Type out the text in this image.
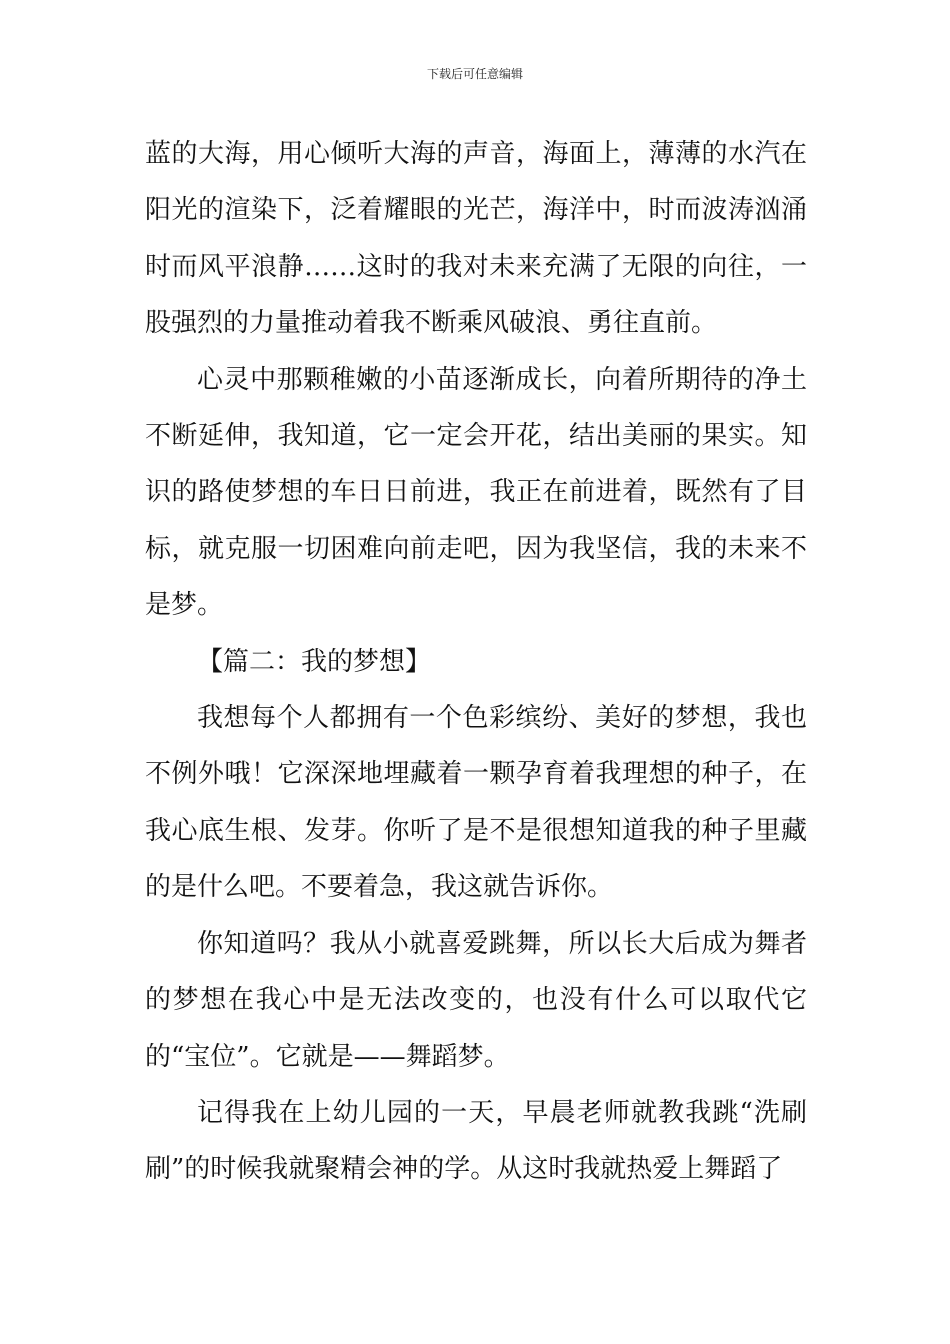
下载后可任意编辑

蓝的大海，用心倾听大海的声音，海面上，薄薄的水汽在阳光的渲染下，泛着耀眼的光芒，海洋中，时而波涛汹涌时而风平浪静……这时的我对未来充满了无限的向往，一股强烈的力量推动着我不断乘风破浪、勇往直前。

心灵中那颗稚嫩的小苗逐渐成长，向着所期待的净土不断延伸，我知道，它一定会开花，结出美丽的果实。知识的路使梦想的车日日前进，我正在前进着，既然有了目标，就克服一切困难向前走吧，因为我坚信，我的未来不是梦。

【篇二：我的梦想】

我想每个人都拥有一个色彩缤纷、美好的梦想，我也不例外哦！它深深地埋藏着一颗孕育着我理想的种子，在我心底生根、发芽。你听了是不是很想知道我的种子里藏的是什么吧。不要着急，我这就告诉你。

你知道吗？我从小就喜爱跳舞，所以长大后成为舞者的梦想在我心中是无法改变的，也没有什么可以取代它的“宝位”。它就是——舞蹈梦。

记得我在上幼儿园的一天，早晨老师就教我跳“洗刷刷”的时候我就聚精会神的学。从这时我就热爱上舞蹈了
